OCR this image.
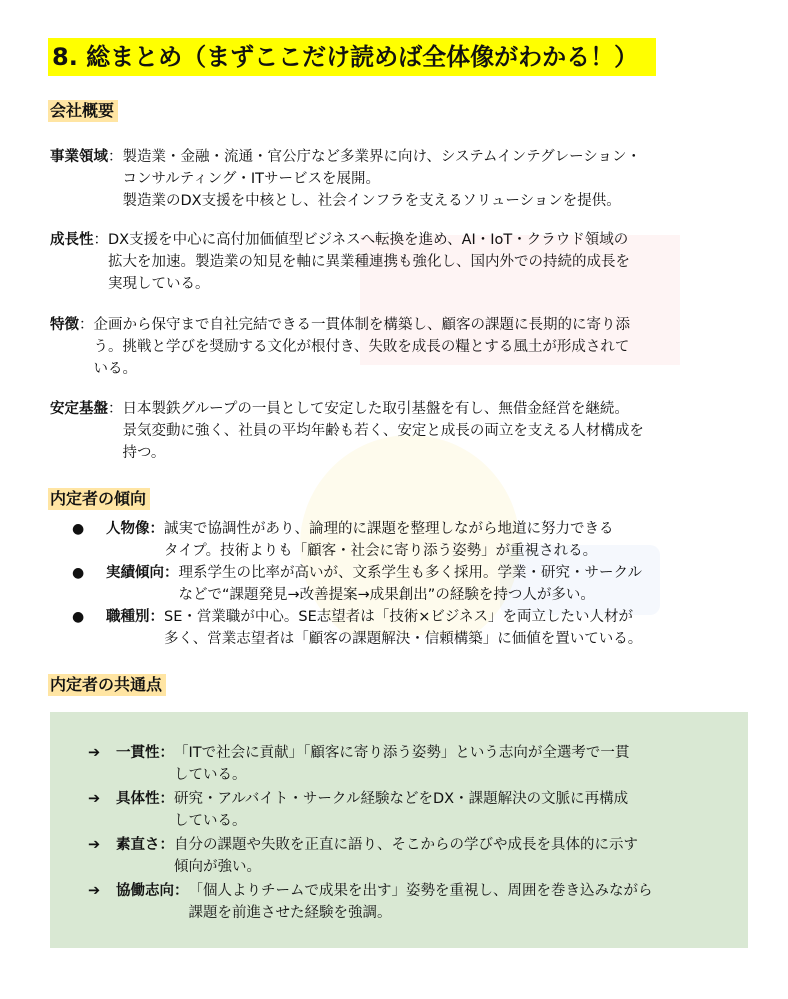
8. 総まとめ（まずここだけ読めば全体像がわかる！）
会社概要
事業領域 ： 製造業・金融・流通・官公庁など多業界に向け、システムインテグレーション・
コンサルティング・ITサービスを展開。
製造業のDX支援を中核とし、社会インフラを支えるソリューションを提供。
成長性 ： DX支援を中心に高付加価値型ビジネスへ転換を進め、AI・IoT・クラウド領域の
拡大を加速。製造業の知見を軸に異業種連携も強化し、国内外での持続的成長を
実現している。
特徴 ： 企画から保守まで自社完結できる一貫体制を構築し、顧客の課題に長期的に寄り添
う。挑戦と学びを奨励する文化が根付き、失敗を成長の糧とする風土が形成されて
いる。
安定基盤 ： 日本製鉄グループの一員として安定した取引基盤を有し、無借金経営を継続。
景気変動に強く、社員の平均年齢も若く、安定と成長の両立を支える人材構成を
持つ。
内定者の傾向
●	人物像： 誠実で協調性があり、論理的に課題を整理しながら地道に努力できる
タイプ。技術よりも「顧客・社会に寄り添う姿勢」が重視される。
●	実績傾向： 理系学生の比率が高いが、文系学生も多く採用。学業・研究・サークル
などで“課題発見→改善提案→成果創出”の経験を持つ人が多い。
●	職種別： SE・営業職が中心。SE志望者は「技術×ビジネス」を両立したい人材が
多く、営業志望者は「顧客の課題解決・信頼構築」に価値を置いている。
内定者の共通点
➔	一貫性： 「ITで社会に貢献」「顧客に寄り添う姿勢」という志向が全選考で一貫
している。
➔	具体性： 研究・アルバイト・サークル経験などをDX・課題解決の文脈に再構成
している。
➔	素直さ： 自分の課題や失敗を正直に語り、そこからの学びや成長を具体的に示す
傾向が強い。
➔	協働志向： 「個人よりチームで成果を出す」姿勢を重視し、周囲を巻き込みながら
課題を前進させた経験を強調。
